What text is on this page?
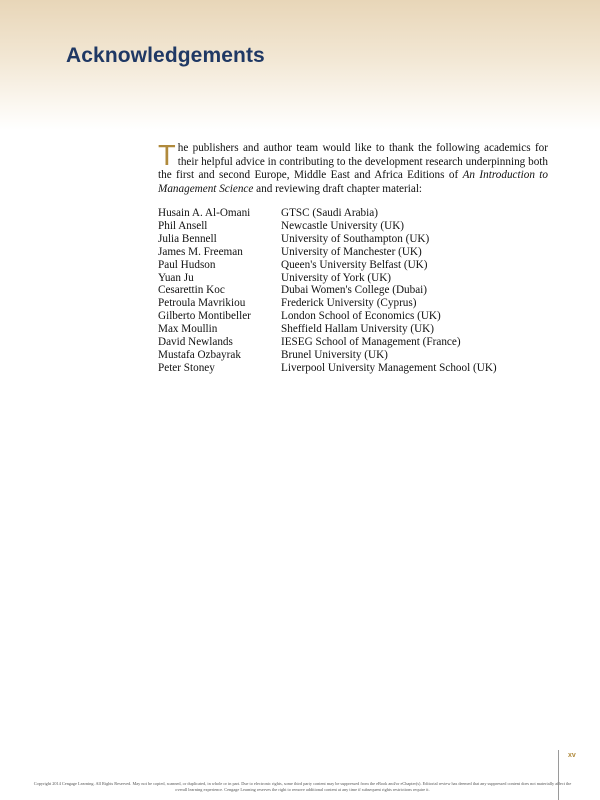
Acknowledgements

The publishers and author team would like to thank the following academics for their helpful advice in contributing to the development research underpinning both the first and second Europe, Middle East and Africa Editions of An Introduction to Management Science and reviewing draft chapter material:

Husain A. Al-Omani	GTSC (Saudi Arabia)
Phil Ansell	Newcastle University (UK)
Julia Bennell	University of Southampton (UK)
James M. Freeman	University of Manchester (UK)
Paul Hudson	Queen's University Belfast (UK)
Yuan Ju	University of York (UK)
Cesarettin Koc	Dubai Women's College (Dubai)
Petroula Mavrikiou	Frederick University (Cyprus)
Gilberto Montibeller	London School of Economics (UK)
Max Moullin	Sheffield Hallam University (UK)
David Newlands	IESEG School of Management (France)
Mustafa Ozbayrak	Brunel University (UK)
Peter Stoney	Liverpool University Management School (UK)
xv
Copyright 2014 Cengage Learning. All Rights Reserved. May not be copied, scanned, or duplicated, in whole or in part. Due to electronic rights, some third party content may be suppressed from the eBook and/or eChapter(s). Editorial review has deemed that any suppressed content does not materially affect the overall learning experience. Cengage Learning reserves the right to remove additional content at any time if subsequent rights restrictions require it.
